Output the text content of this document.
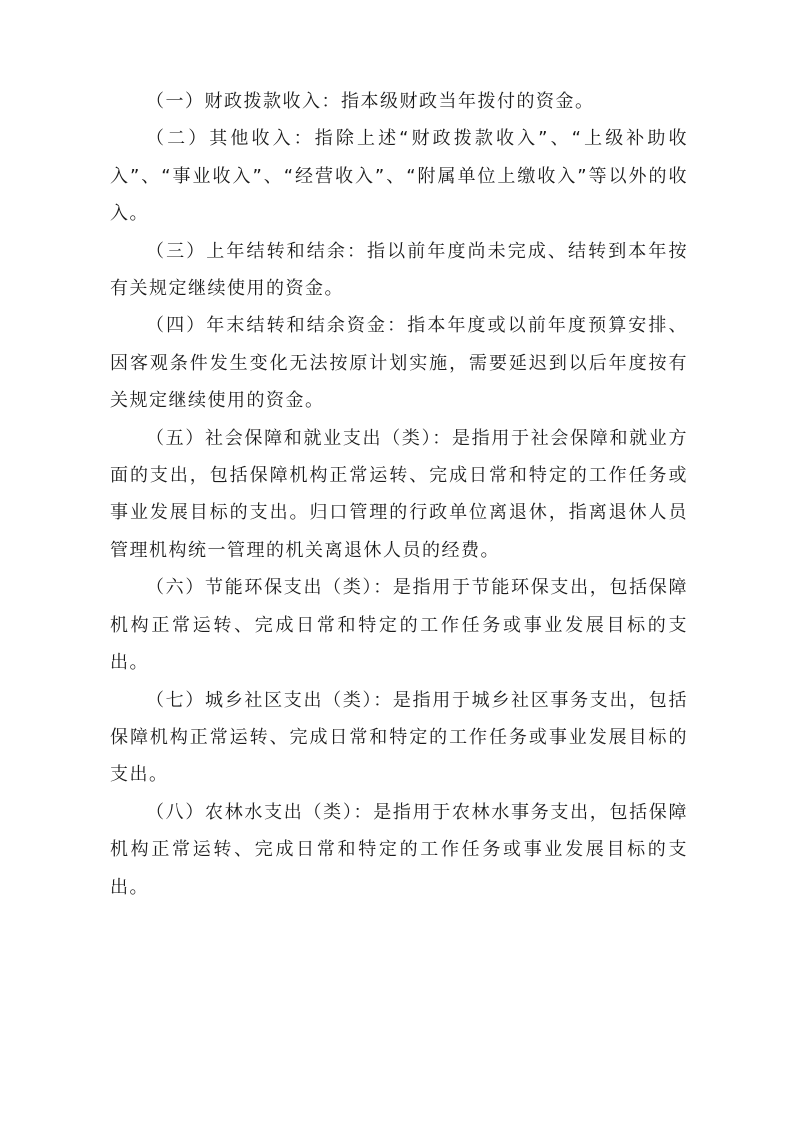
（一）财政拨款收入：指本级财政当年拨付的资金。

（二）其他收入：指除上述“财政拨款收入”、“上级补助收入”、“事业收入”、“经营收入”、“附属单位上缴收入”等以外的收入。

（三）上年结转和结余：指以前年度尚未完成、结转到本年按有关规定继续使用的资金。

（四）年末结转和结余资金：指本年度或以前年度预算安排、因客观条件发生变化无法按原计划实施，需要延迟到以后年度按有关规定继续使用的资金。

（五）社会保障和就业支出（类）：是指用于社会保障和就业方面的支出，包括保障机构正常运转、完成日常和特定的工作任务或事业发展目标的支出。归口管理的行政单位离退休，指离退休人员管理机构统一管理的机关离退休人员的经费。

（六）节能环保支出（类）：是指用于节能环保支出，包括保障机构正常运转、完成日常和特定的工作任务或事业发展目标的支出。

（七）城乡社区支出（类）：是指用于城乡社区事务支出，包括保障机构正常运转、完成日常和特定的工作任务或事业发展目标的支出。

（八）农林水支出（类）：是指用于农林水事务支出，包括保障机构正常运转、完成日常和特定的工作任务或事业发展目标的支出。
